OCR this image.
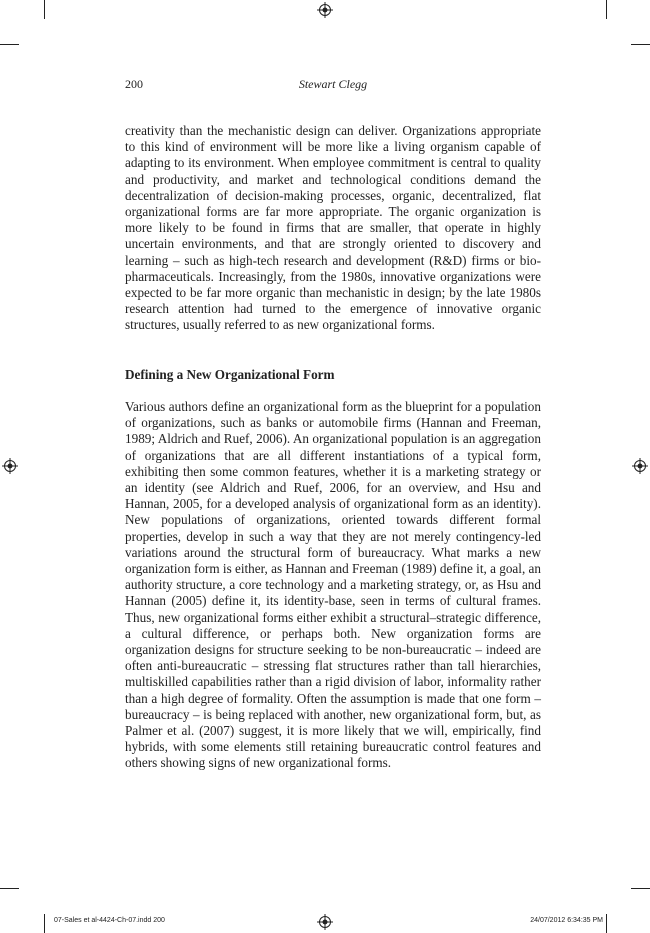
200	Stewart Clegg

creativity than the mechanistic design can deliver. Organizations appropriate to this kind of environment will be more like a living organism capable of adapting to its environment. When employee commitment is central to quality and productivity, and market and technological conditions demand the decentralization of decision-making processes, organic, decentralized, flat organizational forms are far more appropriate. The organic organization is more likely to be found in firms that are smaller, that operate in highly uncertain environments, and that are strongly oriented to discovery and learning – such as high-tech research and development (R&D) firms or bio-pharmaceuticals. Increasingly, from the 1980s, innovative organizations were expected to be far more organic than mechanistic in design; by the late 1980s research attention had turned to the emergence of innovative organic structures, usually referred to as new organizational forms.

Defining a New Organizational Form

Various authors define an organizational form as the blueprint for a population of organizations, such as banks or automobile firms (Hannan and Freeman, 1989; Aldrich and Ruef, 2006). An organizational population is an aggregation of organizations that are all different instantiations of a typical form, exhibiting then some common features, whether it is a marketing strategy or an identity (see Aldrich and Ruef, 2006, for an overview, and Hsu and Hannan, 2005, for a developed analysis of organizational form as an identity). New populations of organizations, oriented towards different formal properties, develop in such a way that they are not merely contingency-led variations around the structural form of bureaucracy. What marks a new organization form is either, as Hannan and Freeman (1989) define it, a goal, an authority structure, a core technology and a marketing strategy, or, as Hsu and Hannan (2005) define it, its identity-base, seen in terms of cultural frames. Thus, new organizational forms either exhibit a structural–strategic difference, a cultural difference, or perhaps both. New organization forms are organization designs for structure seeking to be non-bureaucratic – indeed are often anti-bureaucratic – stressing flat structures rather than tall hierarchies, multiskilled capabilities rather than a rigid division of labor, informality rather than a high degree of formality. Often the assumption is made that one form – bureaucracy – is being replaced with another, new organizational form, but, as Palmer et al. (2007) suggest, it is more likely that we will, empirically, find hybrids, with some elements still retaining bureaucratic control features and others showing signs of new organizational forms.

07-Sales et al-4424-Ch-07.indd 200	24/07/2012 6:34:35 PM
